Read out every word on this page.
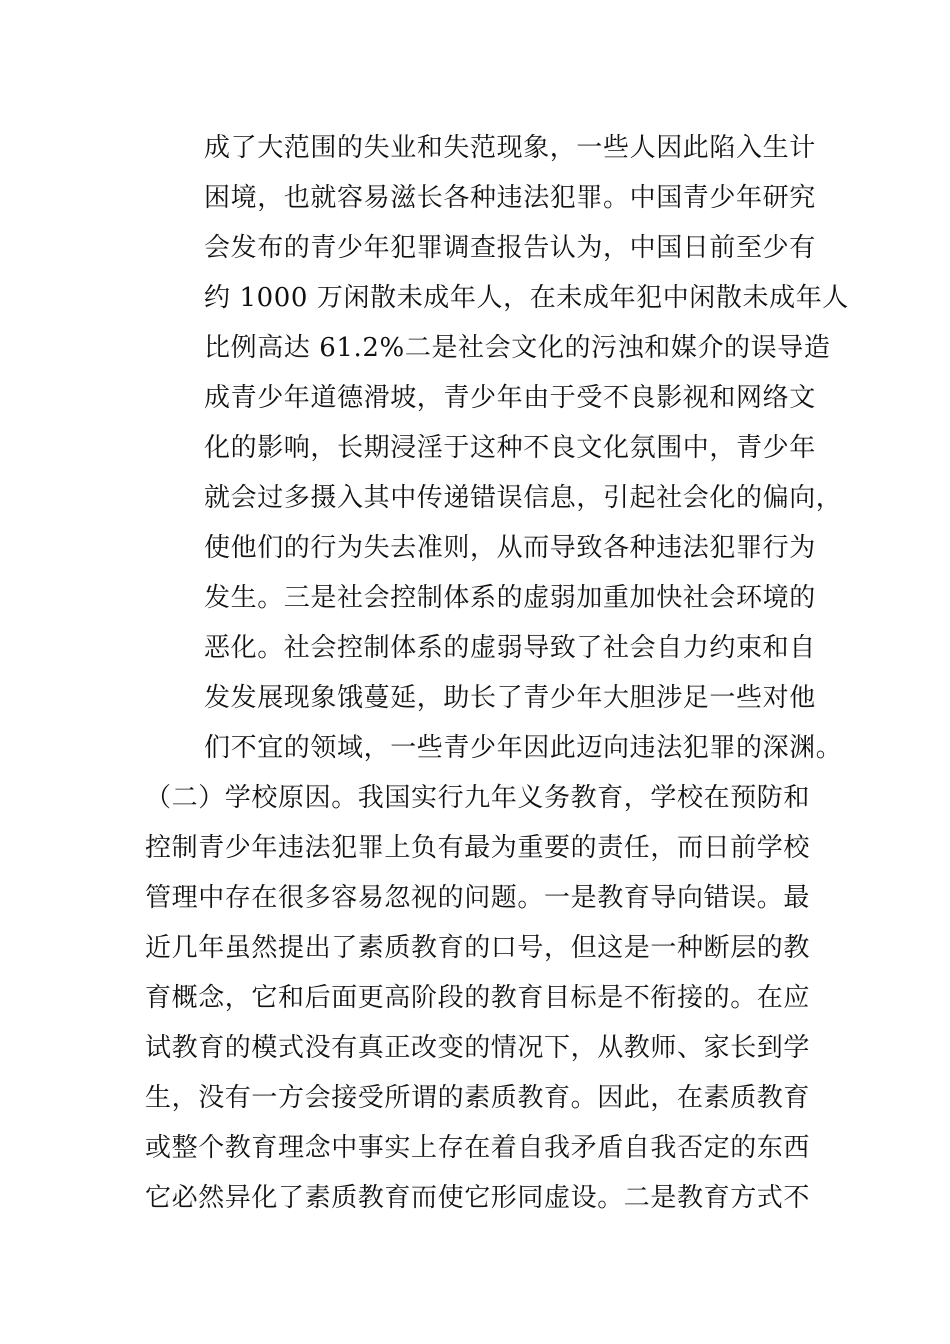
成了大范围的失业和失范现象，一些人因此陷入生计
困境，也就容易滋长各种违法犯罪。中国青少年研究
会发布的青少年犯罪调查报告认为，中国日前至少有
约 1000 万闲散未成年人，在未成年犯中闲散未成年人
比例高达 61.2%二是社会文化的污浊和媒介的误导造
成青少年道德滑坡，青少年由于受不良影视和网络文
化的影响，长期浸淫于这种不良文化氛围中，青少年
就会过多摄入其中传递错误信息，引起社会化的偏向，
使他们的行为失去准则，从而导致各种违法犯罪行为
发生。三是社会控制体系的虚弱加重加快社会环境的
恶化。社会控制体系的虚弱导致了社会自力约束和自
发发展现象饿蔓延，助长了青少年大胆涉足一些对他
们不宜的领域，一些青少年因此迈向违法犯罪的深渊。
（二）学校原因。我国实行九年义务教育，学校在预防和
控制青少年违法犯罪上负有最为重要的责任，而日前学校
管理中存在很多容易忽视的问题。一是教育导向错误。最
近几年虽然提出了素质教育的口号，但这是一种断层的教
育概念，它和后面更高阶段的教育目标是不衔接的。在应
试教育的模式没有真正改变的情况下，从教师、家长到学
生，没有一方会接受所谓的素质教育。因此，在素质教育
或整个教育理念中事实上存在着自我矛盾自我否定的东西
它必然异化了素质教育而使它形同虚设。二是教育方式不
